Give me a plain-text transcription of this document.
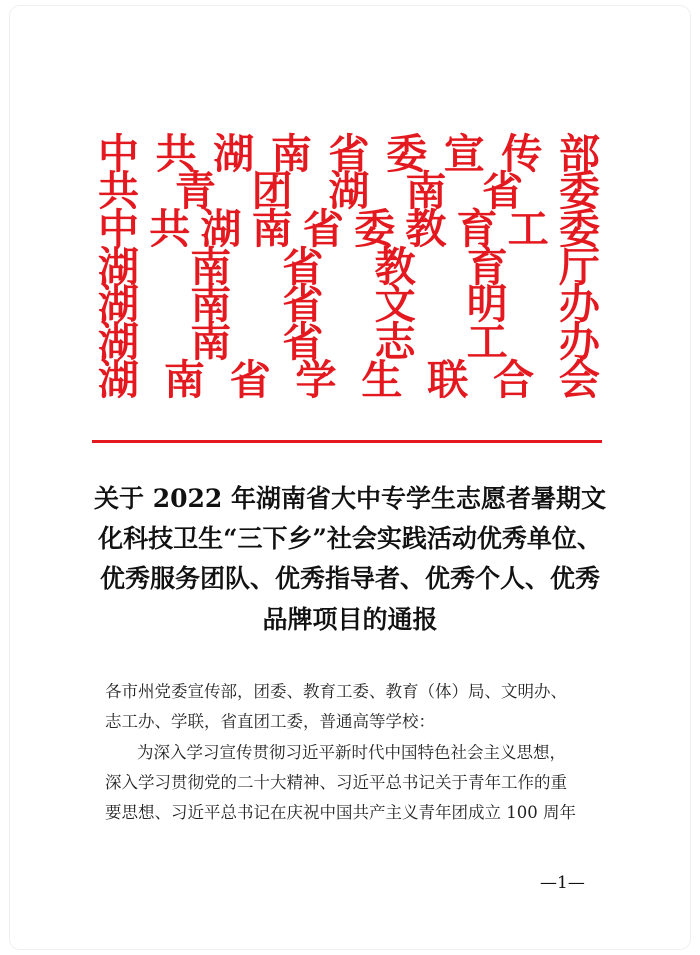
中 共 湖 南 省 委 宣 传 部
共 青 团 湖 南 省 委
中 共 湖 南 省 委 教 育 工 委
湖 南 省 教 育 厅
湖 南 省 文 明 办
湖 南 省 志 工 办
湖 南 省 学 生 联 合 会
关于 2022 年湖南省大中专学生志愿者暑期文
化科技卫生“三下乡”社会实践活动优秀单位、
优秀服务团队、优秀指导者、优秀个人、优秀
品牌项目的通报
各市州党委宣传部，团委、教育工委、教育（体）局、文明办、
志工办、学联，省直团工委，普通高等学校：
为深入学习宣传贯彻习近平新时代中国特色社会主义思想，
深入学习贯彻党的二十大精神、习近平总书记关于青年工作的重
要思想、习近平总书记在庆祝中国共产主义青年团成立 100 周年
—1—
